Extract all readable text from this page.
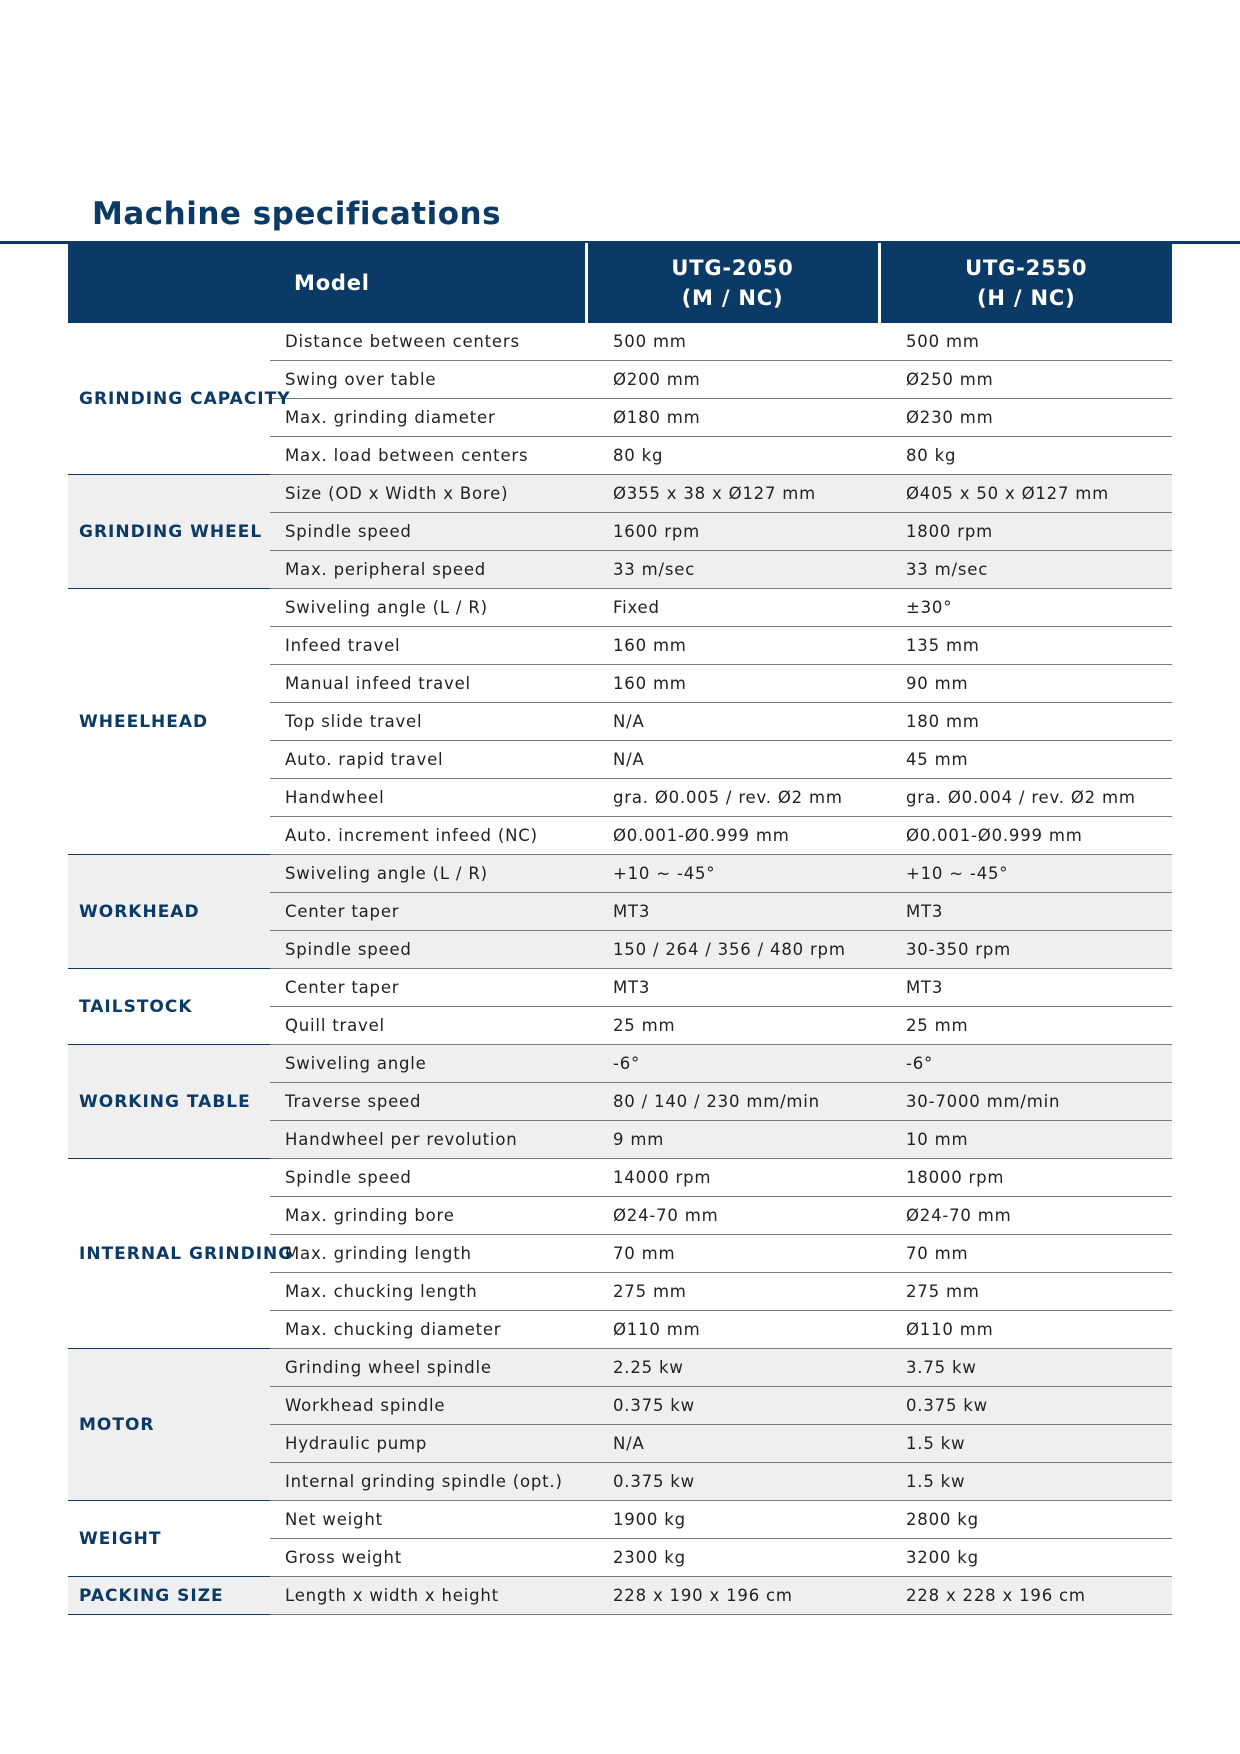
Machine specifications
Model		UTG-2050
(M / NC)	UTG-2550
(H / NC)
GRINDING CAPACITY	Distance between centers	500 mm	500 mm
	Swing over table	Ø200 mm	Ø250 mm
	Max. grinding diameter	Ø180 mm	Ø230 mm
	Max. load between centers	80 kg	80 kg
GRINDING WHEEL	Size (OD x Width x Bore)	Ø355 x 38 x Ø127 mm	Ø405 x 50 x Ø127 mm
	Spindle speed	1600 rpm	1800 rpm
	Max. peripheral speed	33 m/sec	33 m/sec
WHEELHEAD	Swiveling angle (L / R)	Fixed	±30°
	Infeed travel	160 mm	135 mm
	Manual infeed travel	160 mm	90 mm
	Top slide travel	N/A	180 mm
	Auto. rapid travel	N/A	45 mm
	Handwheel	gra. Ø0.005 / rev. Ø2 mm	gra. Ø0.004 / rev. Ø2 mm
	Auto. increment infeed (NC)	Ø0.001-Ø0.999 mm	Ø0.001-Ø0.999 mm
WORKHEAD	Swiveling angle (L / R)	+10 ~ -45°	+10 ~ -45°
	Center taper	MT3	MT3
	Spindle speed	150 / 264 / 356 / 480 rpm	30-350 rpm
TAILSTOCK	Center taper	MT3	MT3
	Quill travel	25 mm	25 mm
WORKING TABLE	Swiveling angle	-6°	-6°
	Traverse speed	80 / 140 / 230 mm/min	30-7000 mm/min
	Handwheel per revolution	9 mm	10 mm
INTERNAL GRINDING	Spindle speed	14000 rpm	18000 rpm
	Max. grinding bore	Ø24-70 mm	Ø24-70 mm
	Max. grinding length	70 mm	70 mm
	Max. chucking length	275 mm	275 mm
	Max. chucking diameter	Ø110 mm	Ø110 mm
MOTOR	Grinding wheel spindle	2.25 kw	3.75 kw
	Workhead spindle	0.375 kw	0.375 kw
	Hydraulic pump	N/A	1.5 kw
	Internal grinding spindle (opt.)	0.375 kw	1.5 kw
WEIGHT	Net weight	1900 kg	2800 kg
	Gross weight	2300 kg	3200 kg
PACKING SIZE	Length x width x height	228 x 190 x 196 cm	228 x 228 x 196 cm
